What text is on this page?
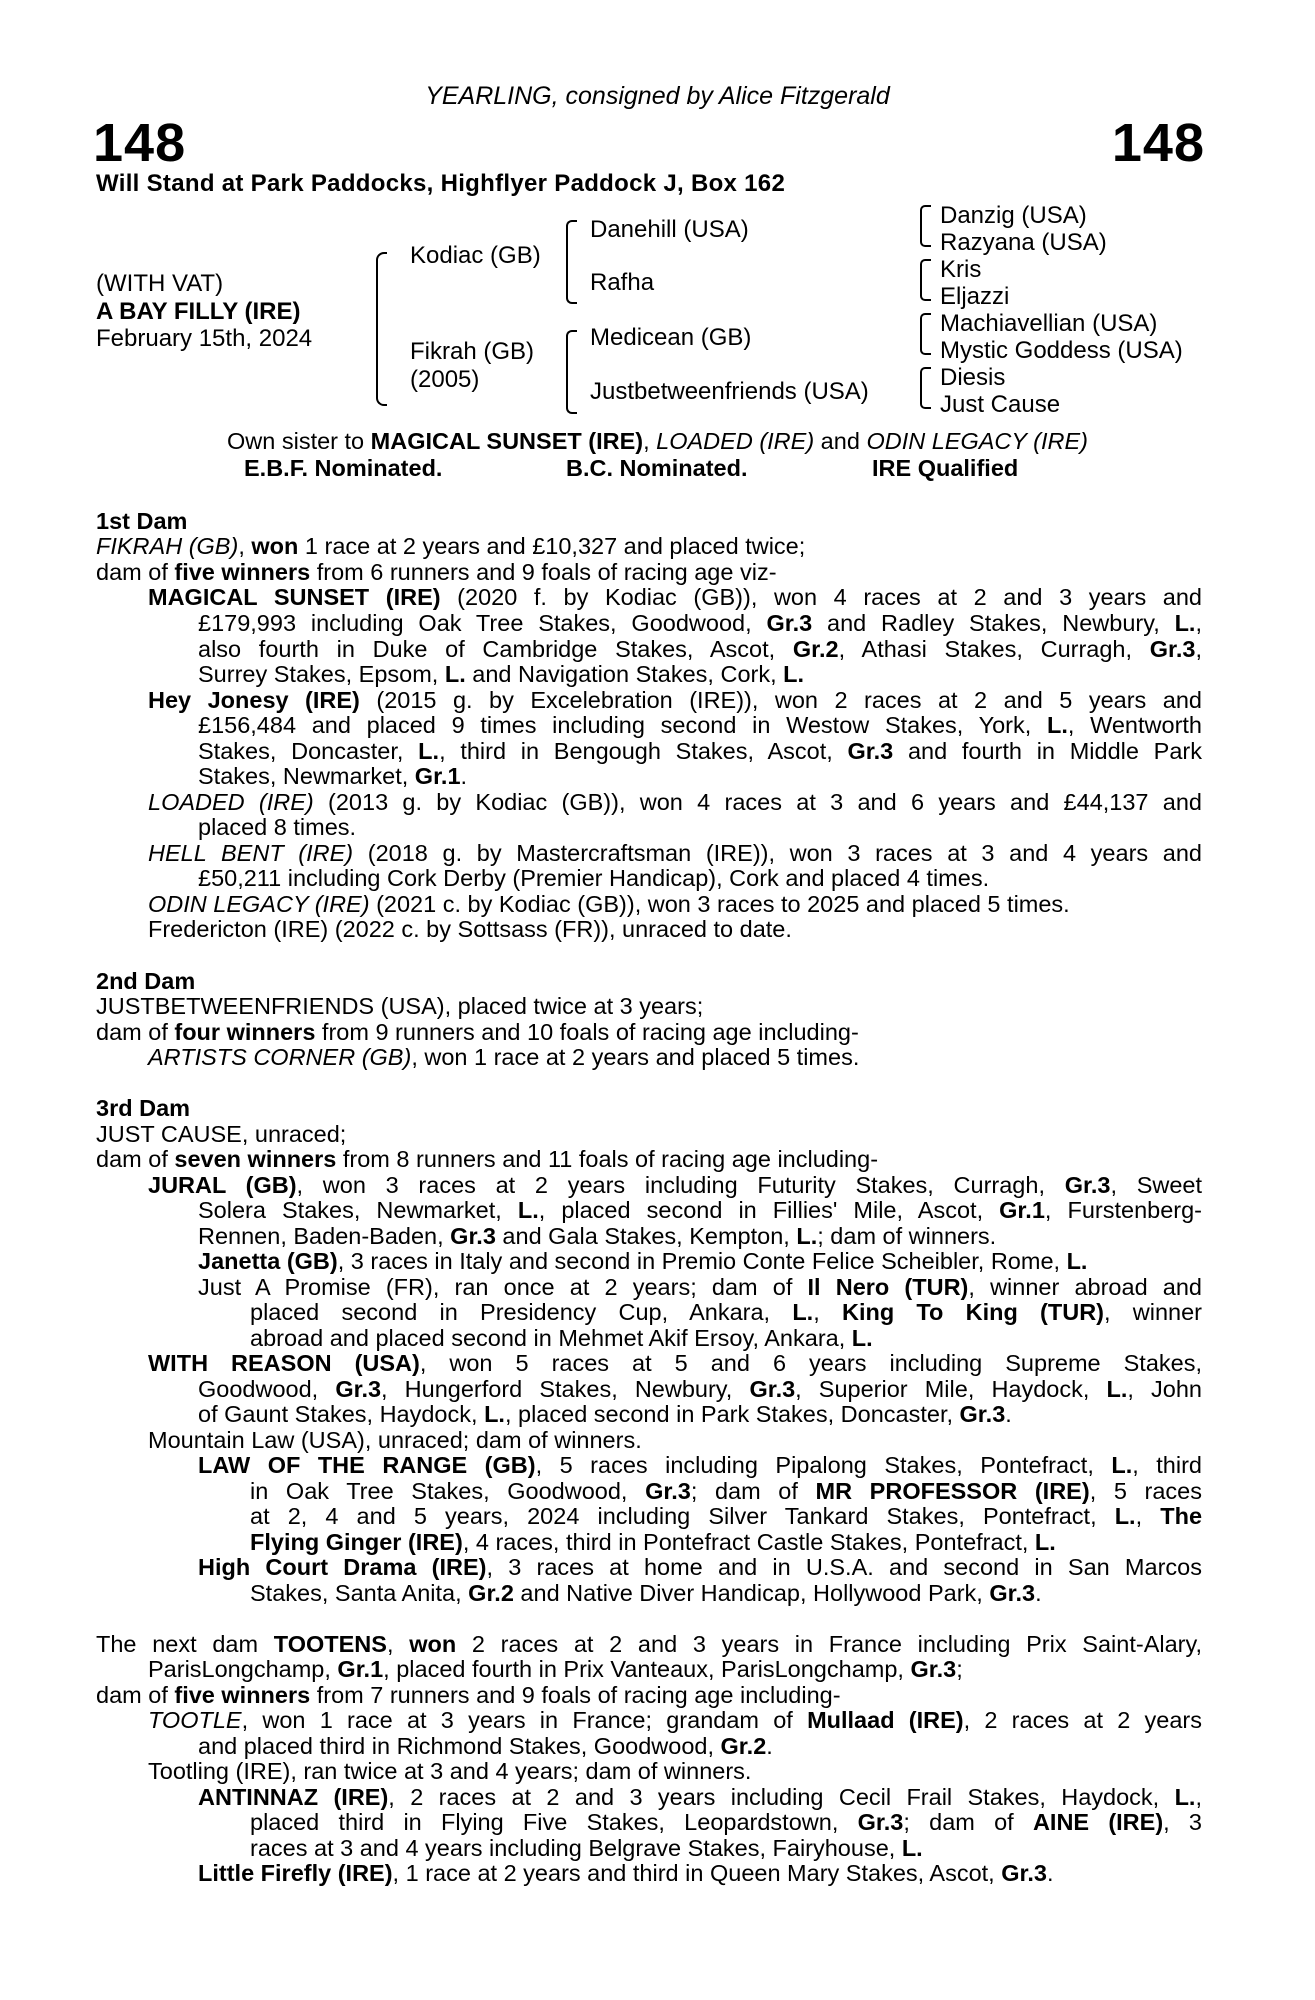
YEARLING, consigned by Alice Fitzgerald
148	148
Will Stand at Park Paddocks, Highflyer Paddock J, Box 162
(WITH VAT)
A BAY FILLY (IRE)
February 15th, 2024
Kodiac (GB)
Fikrah (GB)
(2005)
Danehill (USA)
Rafha
Medicean (GB)
Justbetweenfriends (USA)
Danzig (USA)
Razyana (USA)
Kris
Eljazzi
Machiavellian (USA)
Mystic Goddess (USA)
Diesis
Just Cause
Own sister to MAGICAL SUNSET (IRE), LOADED (IRE) and ODIN LEGACY (IRE)
E.B.F. Nominated.	B.C. Nominated.	IRE Qualified
1st Dam
FIKRAH (GB), won 1 race at 2 years and £10,327 and placed twice;
dam of five winners from 6 runners and 9 foals of racing age viz-
MAGICAL SUNSET (IRE) (2020 f. by Kodiac (GB)), won 4 races at 2 and 3 years and
£179,993 including Oak Tree Stakes, Goodwood, Gr.3 and Radley Stakes, Newbury, L.,
also fourth in Duke of Cambridge Stakes, Ascot, Gr.2, Athasi Stakes, Curragh, Gr.3,
Surrey Stakes, Epsom, L. and Navigation Stakes, Cork, L.
Hey Jonesy (IRE) (2015 g. by Excelebration (IRE)), won 2 races at 2 and 5 years and
£156,484 and placed 9 times including second in Westow Stakes, York, L., Wentworth
Stakes, Doncaster, L., third in Bengough Stakes, Ascot, Gr.3 and fourth in Middle Park
Stakes, Newmarket, Gr.1.
LOADED (IRE) (2013 g. by Kodiac (GB)), won 4 races at 3 and 6 years and £44,137 and
placed 8 times.
HELL BENT (IRE) (2018 g. by Mastercraftsman (IRE)), won 3 races at 3 and 4 years and
£50,211 including Cork Derby (Premier Handicap), Cork and placed 4 times.
ODIN LEGACY (IRE) (2021 c. by Kodiac (GB)), won 3 races to 2025 and placed 5 times.
Fredericton (IRE) (2022 c. by Sottsass (FR)), unraced to date.
2nd Dam
JUSTBETWEENFRIENDS (USA), placed twice at 3 years;
dam of four winners from 9 runners and 10 foals of racing age including-
ARTISTS CORNER (GB), won 1 race at 2 years and placed 5 times.
3rd Dam
JUST CAUSE, unraced;
dam of seven winners from 8 runners and 11 foals of racing age including-
JURAL (GB), won 3 races at 2 years including Futurity Stakes, Curragh, Gr.3, Sweet
Solera Stakes, Newmarket, L., placed second in Fillies' Mile, Ascot, Gr.1, Furstenberg-
Rennen, Baden-Baden, Gr.3 and Gala Stakes, Kempton, L.; dam of winners.
Janetta (GB), 3 races in Italy and second in Premio Conte Felice Scheibler, Rome, L.
Just A Promise (FR), ran once at 2 years; dam of Il Nero (TUR), winner abroad and
placed second in Presidency Cup, Ankara, L., King To King (TUR), winner
abroad and placed second in Mehmet Akif Ersoy, Ankara, L.
WITH REASON (USA), won 5 races at 5 and 6 years including Supreme Stakes,
Goodwood, Gr.3, Hungerford Stakes, Newbury, Gr.3, Superior Mile, Haydock, L., John
of Gaunt Stakes, Haydock, L., placed second in Park Stakes, Doncaster, Gr.3.
Mountain Law (USA), unraced; dam of winners.
LAW OF THE RANGE (GB), 5 races including Pipalong Stakes, Pontefract, L., third
in Oak Tree Stakes, Goodwood, Gr.3; dam of MR PROFESSOR (IRE), 5 races
at 2, 4 and 5 years, 2024 including Silver Tankard Stakes, Pontefract, L., The
Flying Ginger (IRE), 4 races, third in Pontefract Castle Stakes, Pontefract, L.
High Court Drama (IRE), 3 races at home and in U.S.A. and second in San Marcos
Stakes, Santa Anita, Gr.2 and Native Diver Handicap, Hollywood Park, Gr.3.
The next dam TOOTENS, won 2 races at 2 and 3 years in France including Prix Saint-Alary,
ParisLongchamp, Gr.1, placed fourth in Prix Vanteaux, ParisLongchamp, Gr.3;
dam of five winners from 7 runners and 9 foals of racing age including-
TOOTLE, won 1 race at 3 years in France; grandam of Mullaad (IRE), 2 races at 2 years
and placed third in Richmond Stakes, Goodwood, Gr.2.
Tootling (IRE), ran twice at 3 and 4 years; dam of winners.
ANTINNAZ (IRE), 2 races at 2 and 3 years including Cecil Frail Stakes, Haydock, L.,
placed third in Flying Five Stakes, Leopardstown, Gr.3; dam of AINE (IRE), 3
races at 3 and 4 years including Belgrave Stakes, Fairyhouse, L.
Little Firefly (IRE), 1 race at 2 years and third in Queen Mary Stakes, Ascot, Gr.3.
